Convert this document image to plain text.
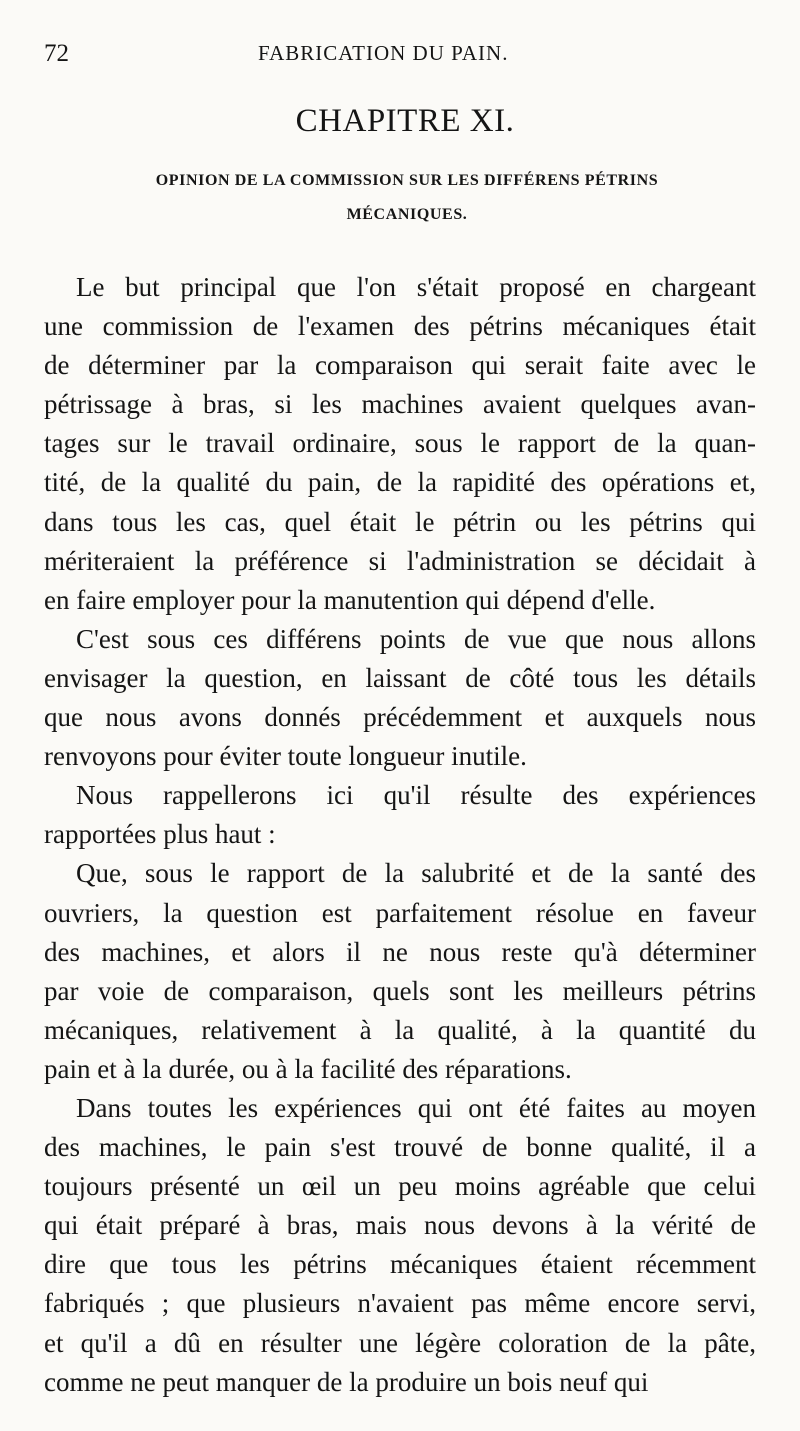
72	FABRICATION DU PAIN.
CHAPITRE XI.
OPINION DE LA COMMISSION SUR LES DIFFÉRENS PÉTRINS
MÉCANIQUES.
Le but principal que l'on s'était proposé en chargeant
une commission de l'examen des pétrins mécaniques était
de déterminer par la comparaison qui serait faite avec le
pétrissage à bras, si les machines avaient quelques avan-
tages sur le travail ordinaire, sous le rapport de la quan-
tité, de la qualité du pain, de la rapidité des opérations et,
dans tous les cas, quel était le pétrin ou les pétrins qui
mériteraient la préférence si l'administration se décidait à
en faire employer pour la manutention qui dépend d'elle.
C'est sous ces différens points de vue que nous allons
envisager la question, en laissant de côté tous les détails
que nous avons donnés précédemment et auxquels nous
renvoyons pour éviter toute longueur inutile.
Nous rappellerons ici qu'il résulte des expériences
rapportées plus haut :
Que, sous le rapport de la salubrité et de la santé des
ouvriers, la question est parfaitement résolue en faveur
des machines, et alors il ne nous reste qu'à déterminer
par voie de comparaison, quels sont les meilleurs pétrins
mécaniques, relativement à la qualité, à la quantité du
pain et à la durée, ou à la facilité des réparations.
Dans toutes les expériences qui ont été faites au moyen
des machines, le pain s'est trouvé de bonne qualité, il a
toujours présenté un œil un peu moins agréable que celui
qui était préparé à bras, mais nous devons à la vérité de
dire que tous les pétrins mécaniques étaient récemment
fabriqués ; que plusieurs n'avaient pas même encore servi,
et qu'il a dû en résulter une légère coloration de la pâte,
comme ne peut manquer de la produire un bois neuf qui
